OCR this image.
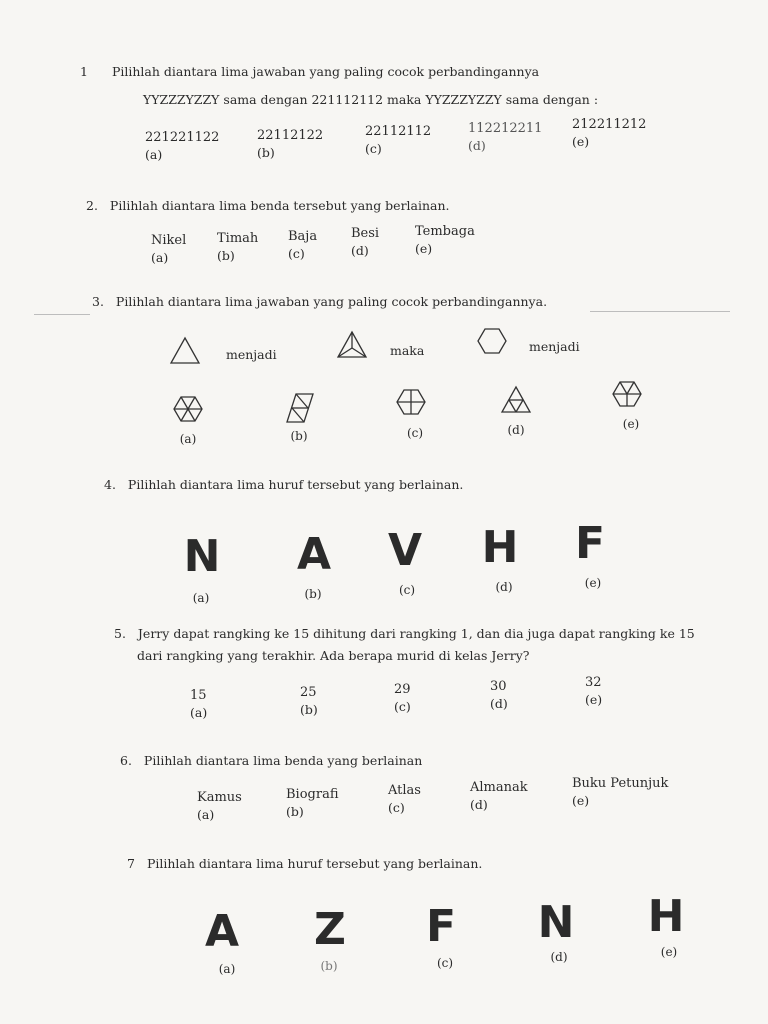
1 Pilihlah diantara lima jawaban yang paling cocok perbandingannya
YYZZZYZZY sama dengan 221112112 maka YYZZZYZZY sama dengan :
221221122
(a)
22112122
(b)
22112112
(c)
112212211
(d)
212211212
(e)
2. Pilihlah diantara lima benda tersebut yang berlainan.
Nikel
(a)
Timah
(b)
Baja
(c)
Besi
(d)
Tembaga
(e)
3. Pilihlah diantara lima jawaban yang paling cocok perbandingannya.
menjadi	maka	menjadi
(a)	(b)	(c)	(d)	(e)
4. Pilihlah diantara lima huruf tersebut yang berlainan.
N
(a)
A
(b)
V
(c)
H
(d)
F
(e)
5. Jerry dapat rangking ke 15 dihitung dari rangking 1, dan dia juga dapat rangking ke 15
dari rangking yang terakhir. Ada berapa murid di kelas Jerry?
15
(a)
25
(b)
29
(c)
30
(d)
32
(e)
6. Pilihlah diantara lima benda yang berlainan
Kamus
(a)
Biografi
(b)
Atlas
(c)
Almanak
(d)
Buku Petunjuk
(e)
7 Pilihlah diantara lima huruf tersebut yang berlainan.
A
(a)
Z
(b)
F
(c)
N
(d)
H
(e)
